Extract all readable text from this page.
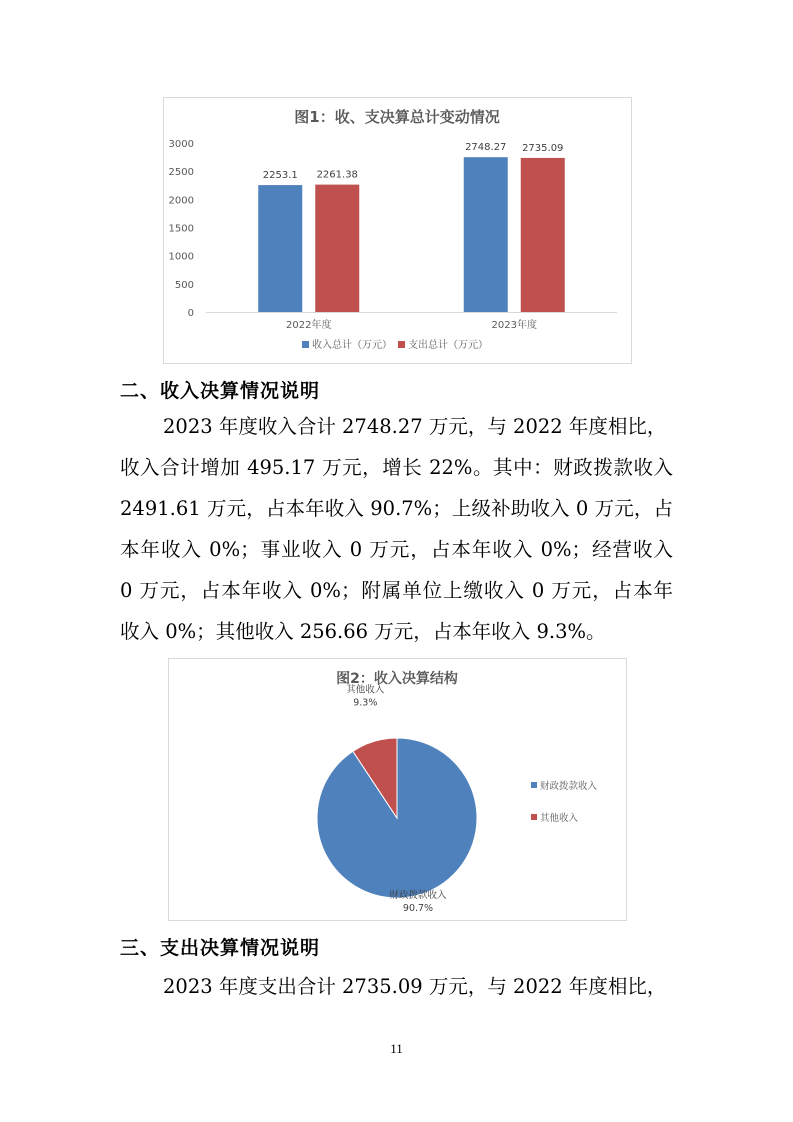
图1：收、支决算总计变动情况
0
500
1000
1500
2000
2500
3000
2022年度
2253.1 2261.38
2023年度
2748.27 2735.09
收入总计（万元） 支出总计（万元）
二、收入决算情况说明
2023 年度收入合计 2748.27 万元，与 2022 年度相比，
收入合计增加 495.17 万元，增长 22%。其中：财政拨款收入
2491.61 万元，占本年收入 90.7%；上级补助收入 0 万元，占
本年收入 0%；事业收入 0 万元，占本年收入 0%；经营收入
0 万元，占本年收入 0%；附属单位上缴收入 0 万元，占本年
收入 0%；其他收入 256.66 万元，占本年收入 9.3%。
图2：收入决算结构
财政拨款收入
90.7%
其他收入
9.3%
财政拨款收入
其他收入
三、支出决算情况说明
2023 年度支出合计 2735.09 万元，与 2022 年度相比，
11
